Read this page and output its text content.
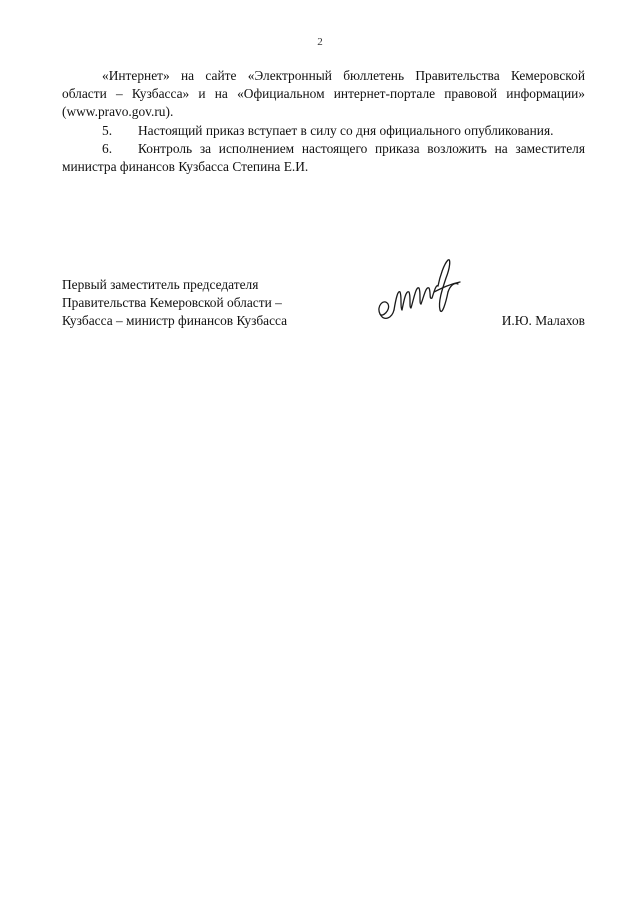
2

«Интернет» на сайте «Электронный бюллетень Правительства Кемеровской области – Кузбасса» и на «Официальном интернет-портале правовой информации» (www.pravo.gov.ru).

5. Настоящий приказ вступает в силу со дня официального опубликования.

6. Контроль за исполнением настоящего приказа возложить на заместителя министра финансов Кузбасса Степина Е.И.

Первый заместитель председателя
Правительства Кемеровской области –
Кузбасса – министр финансов Кузбасса	И.Ю. Малахов
